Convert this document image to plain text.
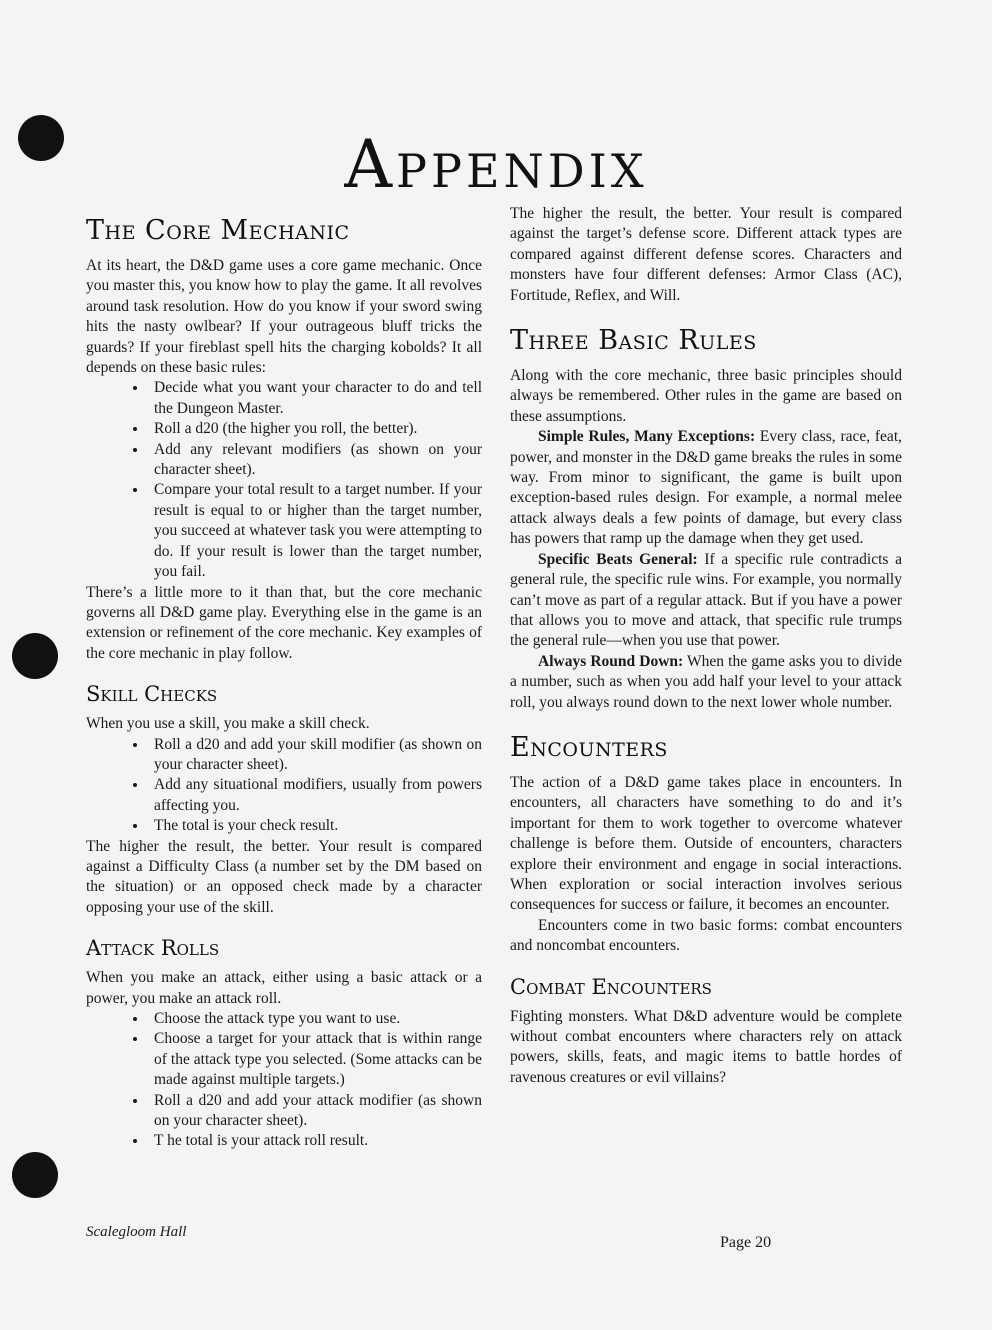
Appendix
The Core Mechanic

At its heart, the D&D game uses a core game mechanic. Once you master this, you know how to play the game. It all revolves around task resolution. How do you know if your sword swing hits the nasty owlbear? If your outrageous bluff tricks the guards? If your fireblast spell hits the charging kobolds? It all depends on these basic rules:

• Decide what you want your character to do and tell the Dungeon Master.
• Roll a d20 (the higher you roll, the better).
• Add any relevant modifiers (as shown on your character sheet).
• Compare your total result to a target number. If your result is equal to or higher than the target number, you succeed at whatever task you were attempting to do. If your result is lower than the target number, you fail.

There’s a little more to it than that, but the core mechanic governs all D&D game play. Everything else in the game is an extension or refinement of the core mechanic. Key examples of the core mechanic in play follow.

Skill Checks

When you use a skill, you make a skill check.

• Roll a d20 and add your skill modifier (as shown on your character sheet).
• Add any situational modifiers, usually from powers affecting you.
• The total is your check result.

The higher the result, the better. Your result is compared against a Difficulty Class (a number set by the DM based on the situation) or an opposed check made by a character opposing your use of the skill.

Attack Rolls

When you make an attack, either using a basic attack or a power, you make an attack roll.

• Choose the attack type you want to use.
• Choose a target for your attack that is within range of the attack type you selected. (Some attacks can be made against multiple targets.)
• Roll a d20 and add your attack modifier (as shown on your character sheet).
• T he total is your attack roll result.

The higher the result, the better. Your result is compared against the target’s defense score. Different attack types are compared against different defense scores. Characters and monsters have four different defenses: Armor Class (AC), Fortitude, Reflex, and Will.

Three Basic Rules

Along with the core mechanic, three basic principles should always be remembered. Other rules in the game are based on these assumptions.

Simple Rules, Many Exceptions: Every class, race, feat, power, and monster in the D&D game breaks the rules in some way. From minor to significant, the game is built upon exception-based rules design. For example, a normal melee attack always deals a few points of damage, but every class has powers that ramp up the damage when they get used.

Specific Beats General: If a specific rule contradicts a general rule, the specific rule wins. For example, you normally can’t move as part of a regular attack. But if you have a power that allows you to move and attack, that specific rule trumps the general rule—when you use that power.

Always Round Down: When the game asks you to divide a number, such as when you add half your level to your attack roll, you always round down to the next lower whole number.

Encounters

The action of a D&D game takes place in encounters. In encounters, all characters have something to do and it’s important for them to work together to overcome whatever challenge is before them. Outside of encounters, characters explore their environment and engage in social interactions. When exploration or social interaction involves serious consequences for success or failure, it becomes an encounter.

Encounters come in two basic forms: combat encounters and noncombat encounters.

Combat Encounters

Fighting monsters. What D&D adventure would be complete without combat encounters where characters rely on attack powers, skills, feats, and magic items to battle hordes of ravenous creatures or evil villains?

Scalegloom Hall
Page 20
